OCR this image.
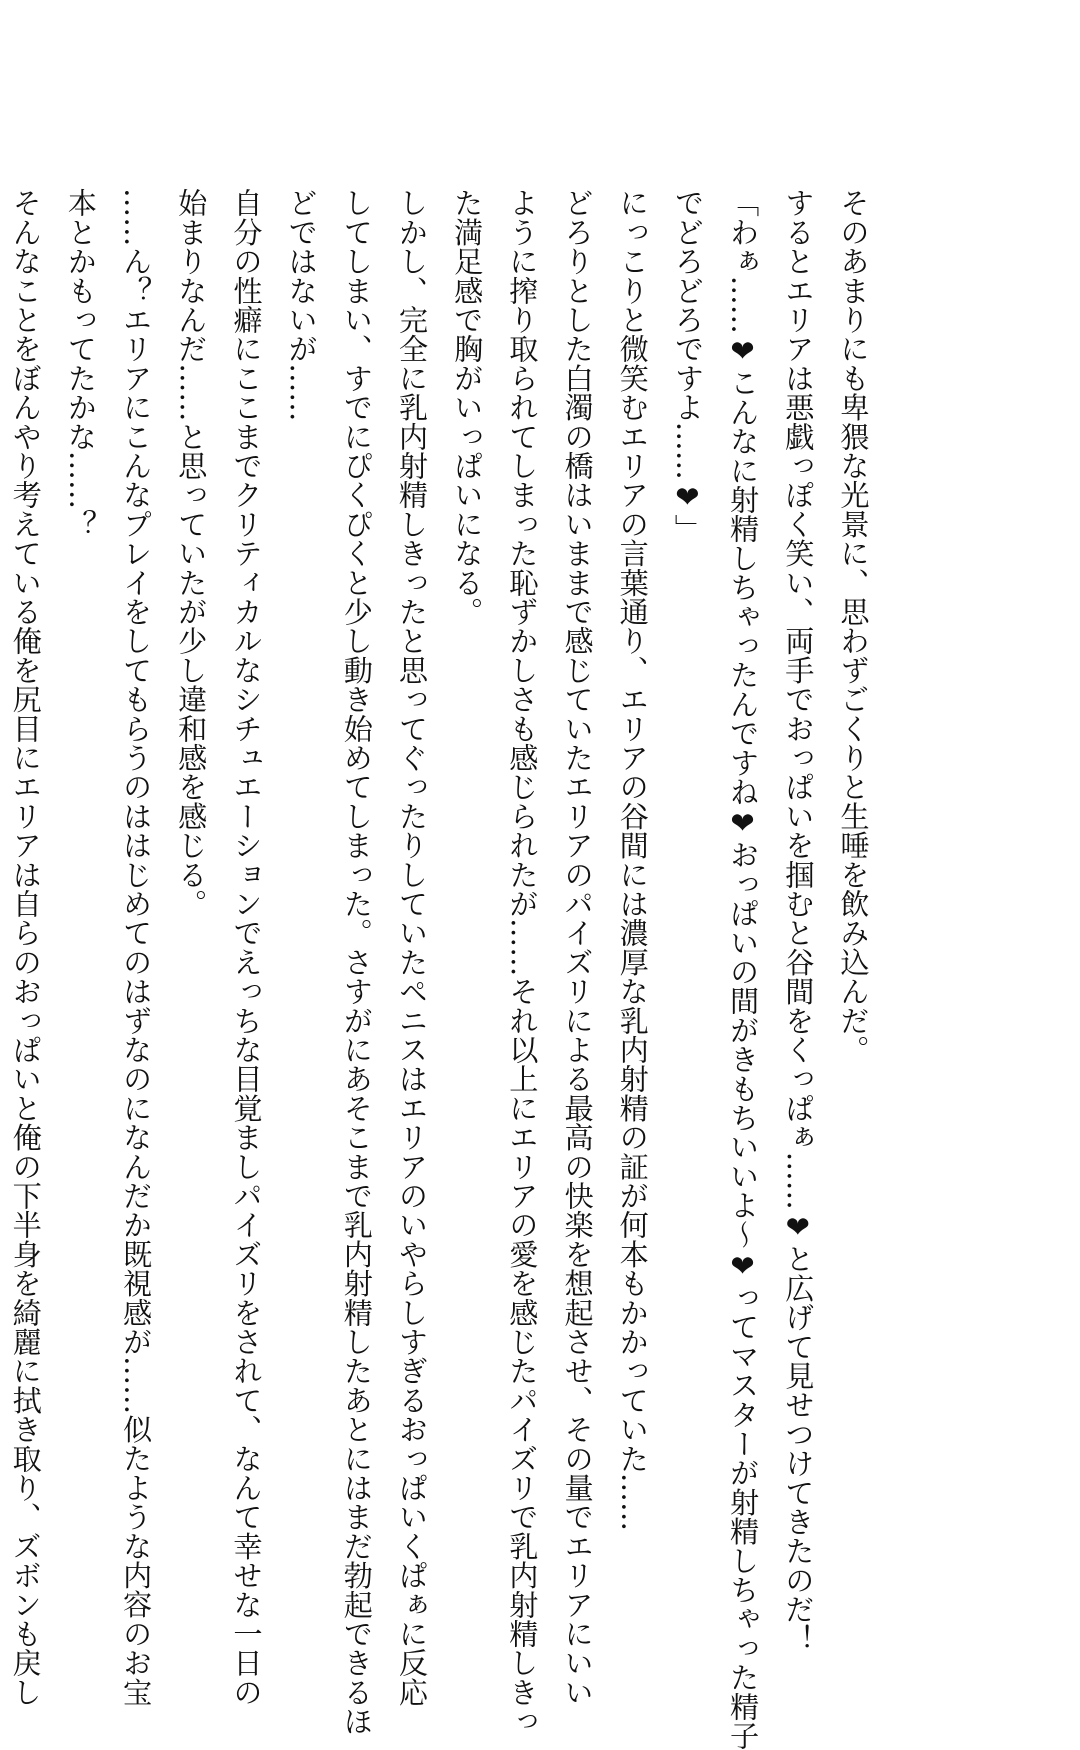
そのあまりにも卑猥な光景に、思わずごくりと生唾を飲み込んだ。
するとエリアは悪戯っぽく笑い、両手でおっぱいを掴むと谷間をくっぱぁ……❤と広げて見せつけてきたのだ！
「わぁ……❤こんなに射精しちゃったんですね❤おっぱいの間がきもちいいよ～❤ってマスターが射精しちゃった精子
でどろどろですよ……❤」
にっこりと微笑むエリアの言葉通り、エリアの谷間には濃厚な乳内射精の証が何本もかかっていた……
どろりとした白濁の橋はいままで感じていたエリアのパイズリによる最高の快楽を想起させ、その量でエリアにいい
ように搾り取られてしまった恥ずかしさも感じられたが……それ以上にエリアの愛を感じたパイズリで乳内射精しきっ
た満足感で胸がいっぱいになる。
しかし、完全に乳内射精しきったと思ってぐったりしていたペニスはエリアのいやらしすぎるおっぱいくぱぁに反応
してしまい、すでにぴくぴくと少し動き始めてしまった。さすがにあそこまで乳内射精したあとにはまだ勃起できるほ
どではないが……
自分の性癖にここまでクリティカルなシチュエーションでえっちな目覚ましパイズリをされて、なんて幸せな一日の
始まりなんだ……と思っていたが少し違和感を感じる。
……ん？エリアにこんなプレイをしてもらうのははじめてのはずなのになんだか既視感が……似たような内容のお宝
本とかもってたかな……？
そんなことをぼんやり考えている俺を尻目にエリアは自らのおっぱいと俺の下半身を綺麗に拭き取り、ズボンも戻し
